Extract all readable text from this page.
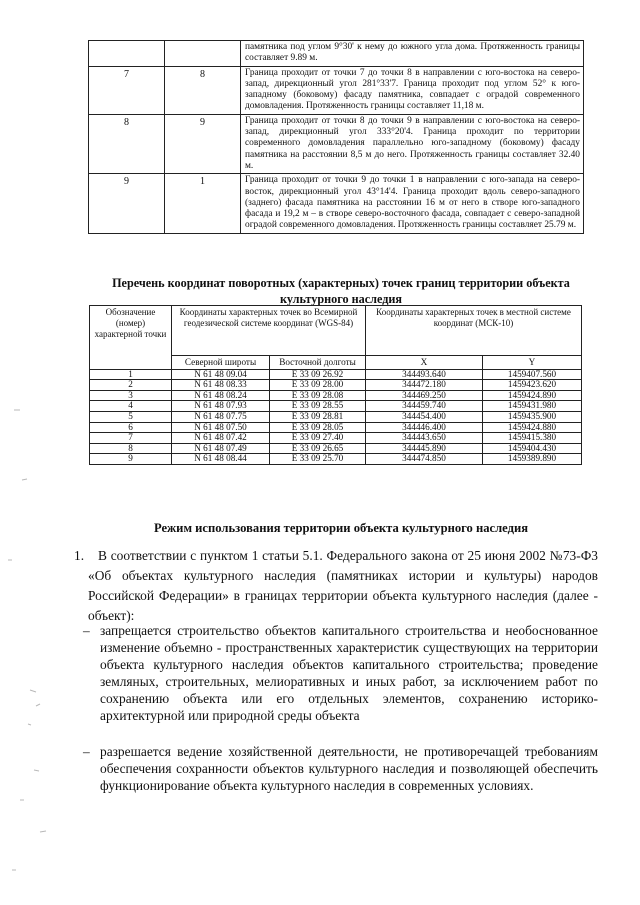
		памятника под углом 9°30' к нему до южного угла дома. Протяженность границы составляет 9.89 м.
7	8	Граница проходит от точки 7 до точки 8 в направлении с юго-востока на северо-запад, дирекционный угол 281°33'7. Граница проходит под углом 52° к юго-западному (боковому) фасаду памятника, совпадает с оградой современного домовладения. Протяженность границы составляет 11,18 м.
8	9	Граница проходит от точки 8 до точки 9 в направлении с юго-востока на северо-запад, дирекционный угол 333°20'4. Граница проходит по территории современного домовладения параллельно юго-западному (боковому) фасаду памятника на расстоянии 8,5 м до него. Протяженность границы составляет 32.40 м.
9	1	Граница проходит от точки 9 до точки 1 в направлении с юго-запада на северо-восток, дирекционный угол 43°14'4. Граница проходит вдоль северо-западного (заднего) фасада памятника на расстоянии 16 м от него в створе юго-западного фасада и 19,2 м – в створе северо-восточного фасада, совпадает с северо-западной оградой современного домовладения. Протяженность границы составляет 25.79 м.
Перечень координат поворотных (характерных) точек границ территории объекта культурного наследия
Обозначение (номер) характерной точки	Координаты характерных точек во Всемирной геодезической системе координат (WGS-84)		Координаты характерных точек в местной системе координат (МСК-10)	
	Северной широты	Восточной долготы	X	Y
1	N 61 48 09.04	E 33 09 26.92	344493.640	1459407.560
2	N 61 48 08.33	E 33 09 28.00	344472.180	1459423.620
3	N 61 48 08.24	E 33 09 28.08	344469.250	1459424.890
4	N 61 48 07.93	E 33 09 28.55	344459.740	1459431.980
5	N 61 48 07.75	E 33 09 28.81	344454.400	1459435.900
6	N 61 48 07.50	E 33 09 28.05	344446.400	1459424.880
7	N 61 48 07.42	E 33 09 27.40	344443.650	1459415.380
8	N 61 48 07.49	E 33 09 26.65	344445.890	1459404.430
9	N 61 48 08.44	E 33 09 25.70	344474.850	1459389.890
Режим использования территории объекта культурного наследия
1. В соответствии с пунктом 1 статьи 5.1. Федерального закона от 25 июня 2002 №73-Ф3 «Об объектах культурного наследия (памятниках истории и культуры) народов Российской Федерации» в границах территории объекта культурного наследия (далее - объект):
– запрещается строительство объектов капитального строительства и необоснованное изменение объемно - пространственных характеристик существующих на территории объекта культурного наследия объектов капитального строительства; проведение земляных, строительных, мелиоративных и иных работ, за исключением работ по сохранению объекта или его отдельных элементов, сохранению историко-архитектурной или природной среды объекта
– разрешается ведение хозяйственной деятельности, не противоречащей требованиям обеспечения сохранности объектов культурного наследия и позволяющей обеспечить функционирование объекта культурного наследия в современных условиях.
